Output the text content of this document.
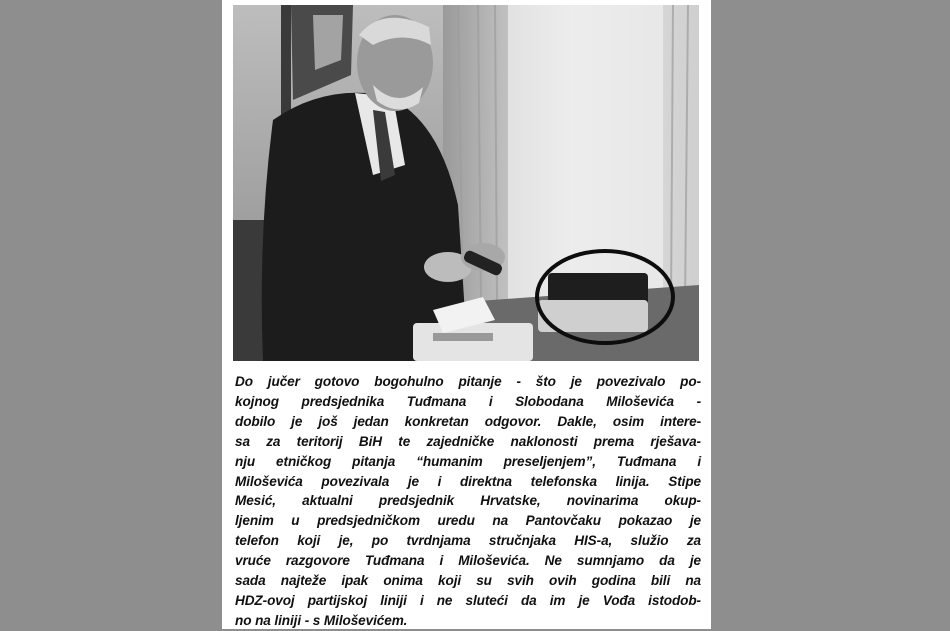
Do jučer gotovo bogohulno pitanje - što je povezivalo po-
kojnog predsjednika Tuđmana i Slobodana Miloševića -
dobilo je još jedan konkretan odgovor. Dakle, osim intere-
sa za teritorij BiH te zajedničke naklonosti prema rješava-
nju etničkog pitanja “humanim preseljenjem”, Tuđmana i
Miloševića povezivala je i direktna telefonska linija. Stipe
Mesić, aktualni predsjednik Hrvatske, novinarima okup-
ljenim u predsjedničkom uredu na Pantovčaku pokazao je
telefon koji je, po tvrdnjama stručnjaka HIS-a, služio za
vruće razgovore Tuđmana i Miloševića. Ne sumnjamo da je
sada najteže ipak onima koji su svih ovih godina bili na
HDZ-ovoj partijskoj liniji i ne sluteći da im je Vođa istodob-
no na liniji - s Miloševićem.
